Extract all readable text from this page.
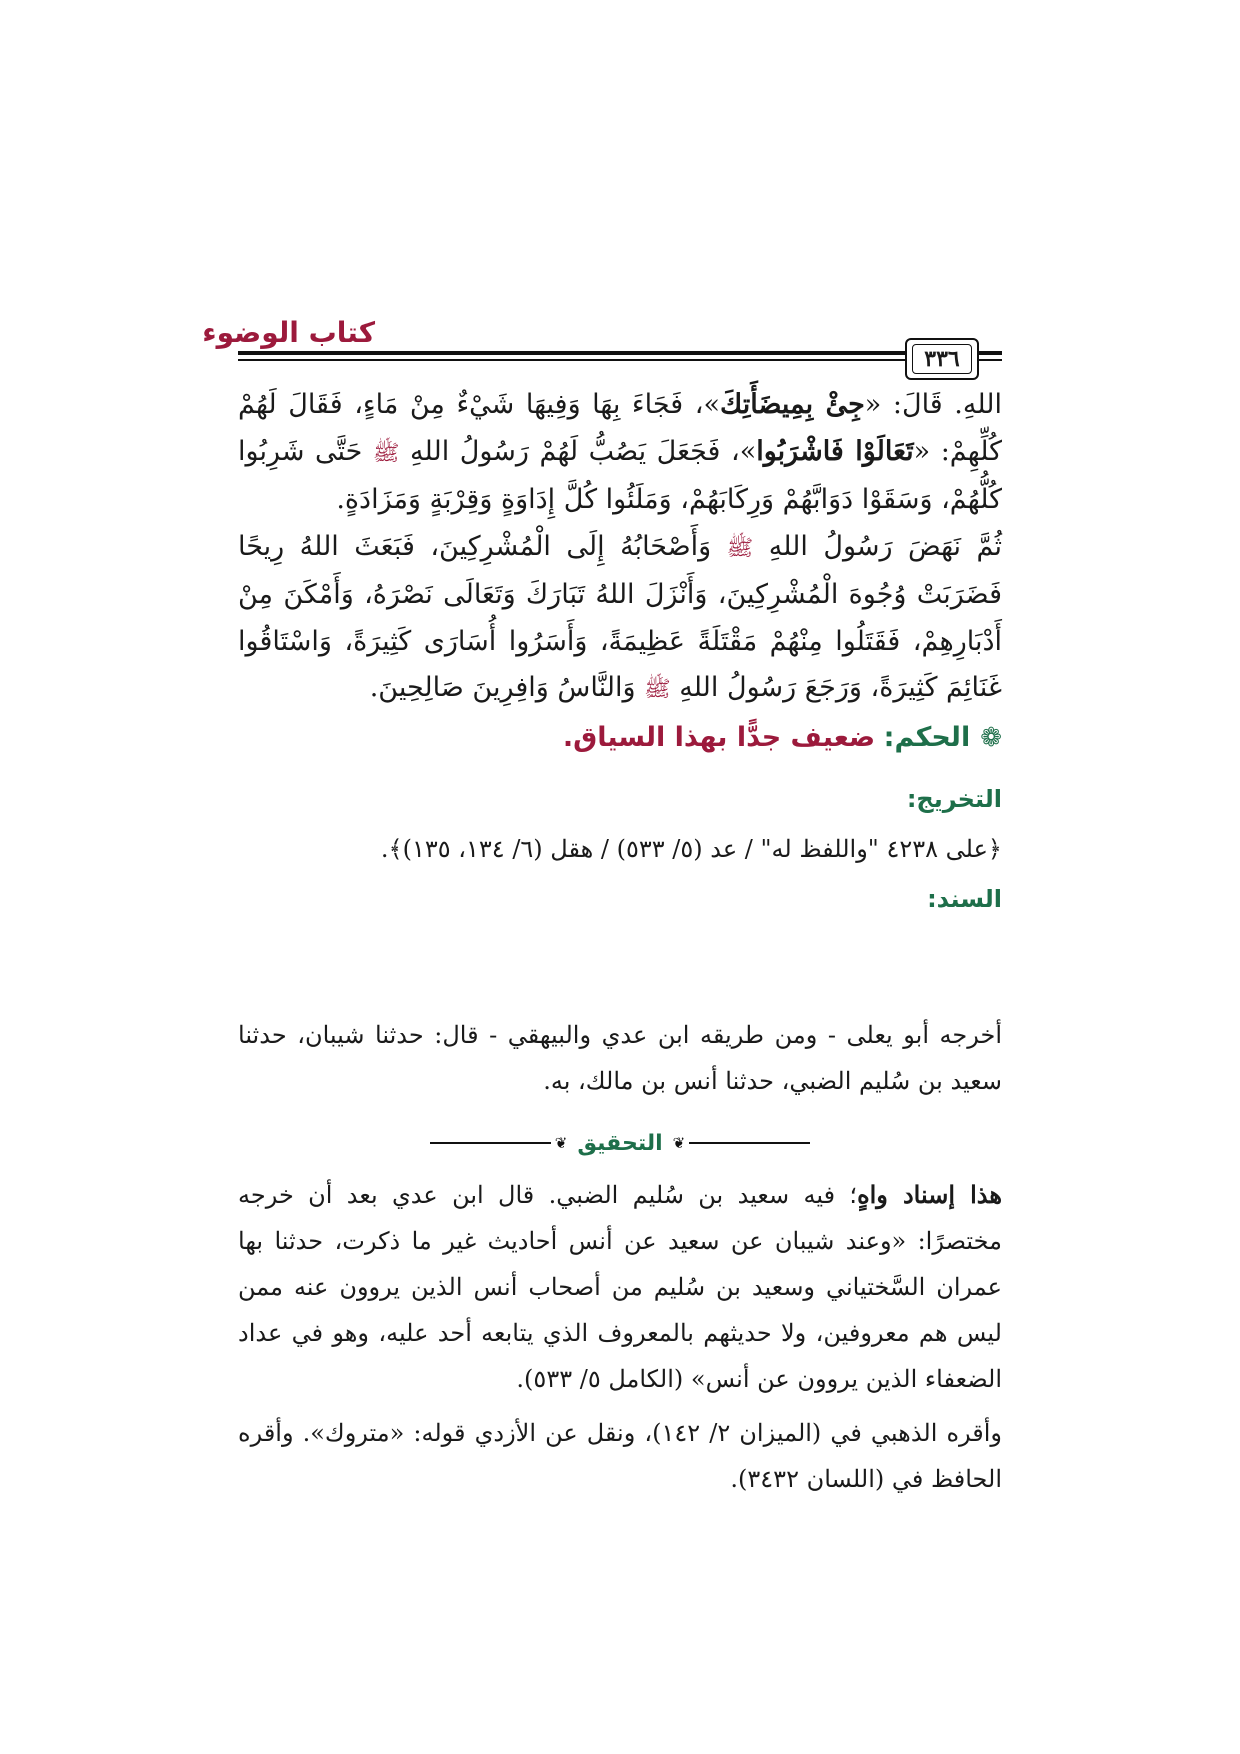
كتاب الوضوء
٣٣٦

اللهِ. قَالَ: «جِئْ بِمِيضَأَتِكَ»، فَجَاءَ بِهَا وَفِيهَا شَيْءٌ مِنْ مَاءٍ، فَقَالَ لَهُمْ كُلِّهِمْ: «تَعَالَوْا فَاشْرَبُوا»، فَجَعَلَ يَصُبُّ لَهُمْ رَسُولُ اللهِ ﷺ حَتَّى شَرِبُوا كُلُّهُمْ، وَسَقَوْا دَوَابَّهُمْ وَرِكَابَهُمْ، وَمَلَئُوا كُلَّ إِدَاوَةٍ وَقِرْبَةٍ وَمَزَادَةٍ.

ثُمَّ نَهَضَ رَسُولُ اللهِ ﷺ وَأَصْحَابُهُ إِلَى الْمُشْرِكِينَ، فَبَعَثَ اللهُ رِيحًا فَضَرَبَتْ وُجُوهَ الْمُشْرِكِينَ، وَأَنْزَلَ اللهُ تَبَارَكَ وَتَعَالَى نَصْرَهُ، وَأَمْكَنَ مِنْ أَدْبَارِهِمْ، فَقَتَلُوا مِنْهُمْ مَقْتَلَةً عَظِيمَةً، وَأَسَرُوا أُسَارَى كَثِيرَةً، وَاسْتَاقُوا غَنَائِمَ كَثِيرَةً، وَرَجَعَ رَسُولُ اللهِ ﷺ وَالنَّاسُ وَافِرِينَ صَالِحِينَ.

❁الحكم: ضعيف جدًّا بهذا السياق.
التخريج:
﴿على ٤٢٣٨ "واللفظ له" / عد (٥/ ٥٣٣) / هقل (٦/ ١٣٤، ١٣٥)﴾.
السند:

أخرجه أبو يعلى - ومن طريقه ابن عدي والبيهقي - قال: حدثنا شيبان، حدثنا سعيد بن سُليم الضبي، حدثنا أنس بن مالك، به.

❦
التحقيق
❦

هذا إسناد واهٍ؛ فيه سعيد بن سُليم الضبي. قال ابن عدي بعد أن خرجه مختصرًا: «وعند شيبان عن سعيد عن أنس أحاديث غير ما ذكرت، حدثنا بها عمران السَّختياني وسعيد بن سُليم من أصحاب أنس الذين يروون عنه ممن ليس هم معروفين، ولا حديثهم بالمعروف الذي يتابعه أحد عليه، وهو في عداد الضعفاء الذين يروون عن أنس» (الكامل ٥/ ٥٣٣).

وأقره الذهبي في (الميزان ٢/ ١٤٢)، ونقل عن الأزدي قوله: «متروك». وأقره الحافظ في (اللسان ٣٤٣٢).
